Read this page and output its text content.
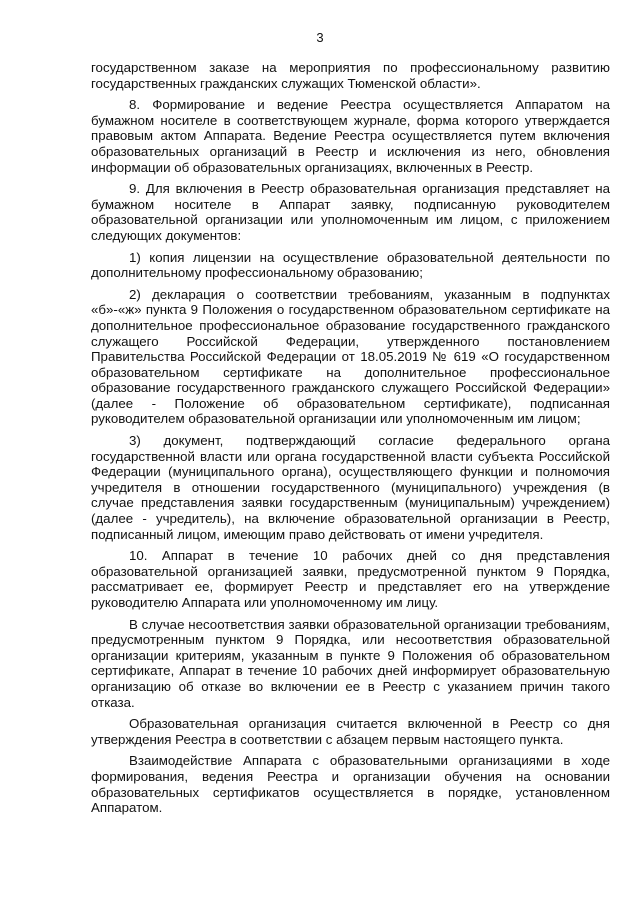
3

государственном заказе на мероприятия по профессиональному развитию государственных гражданских служащих Тюменской области».

8. Формирование и ведение Реестра осуществляется Аппаратом на бумажном носителе в соответствующем журнале, форма которого утверждается правовым актом Аппарата. Ведение Реестра осуществляется путем включения образовательных организаций в Реестр и исключения из него, обновления информации об образовательных организациях, включенных в Реестр.

9. Для включения в Реестр образовательная организация представляет на бумажном носителе в Аппарат заявку, подписанную руководителем образовательной организации или уполномоченным им лицом, с приложением следующих документов:

1) копия лицензии на осуществление образовательной деятельности по дополнительному профессиональному образованию;

2) декларация о соответствии требованиям, указанным в подпунктах «б»-«ж» пункта 9 Положения о государственном образовательном сертификате на дополнительное профессиональное образование государственного гражданского служащего Российской Федерации, утвержденного постановлением Правительства Российской Федерации от 18.05.2019 № 619 «О государственном образовательном сертификате на дополнительное профессиональное образование государственного гражданского служащего Российской Федерации» (далее - Положение об образовательном сертификате), подписанная руководителем образовательной организации или уполномоченным им лицом;

3) документ, подтверждающий согласие федерального органа государственной власти или органа государственной власти субъекта Российской Федерации (муниципального органа), осуществляющего функции и полномочия учредителя в отношении государственного (муниципального) учреждения (в случае представления заявки государственным (муниципальным) учреждением) (далее - учредитель), на включение образовательной организации в Реестр, подписанный лицом, имеющим право действовать от имени учредителя.

10. Аппарат в течение 10 рабочих дней со дня представления образовательной организацией заявки, предусмотренной пунктом 9 Порядка, рассматривает ее, формирует Реестр и представляет его на утверждение руководителю Аппарата или уполномоченному им лицу.

В случае несоответствия заявки образовательной организации требованиям, предусмотренным пунктом 9 Порядка, или несоответствия образовательной организации критериям, указанным в пункте 9 Положения об образовательном сертификате, Аппарат в течение 10 рабочих дней информирует образовательную организацию об отказе во включении ее в Реестр с указанием причин такого отказа.

Образовательная организация считается включенной в Реестр со дня утверждения Реестра в соответствии с абзацем первым настоящего пункта.

Взаимодействие Аппарата с образовательными организациями в ходе формирования, ведения Реестра и организации обучения на основании образовательных сертификатов осуществляется в порядке, установленном Аппаратом.
